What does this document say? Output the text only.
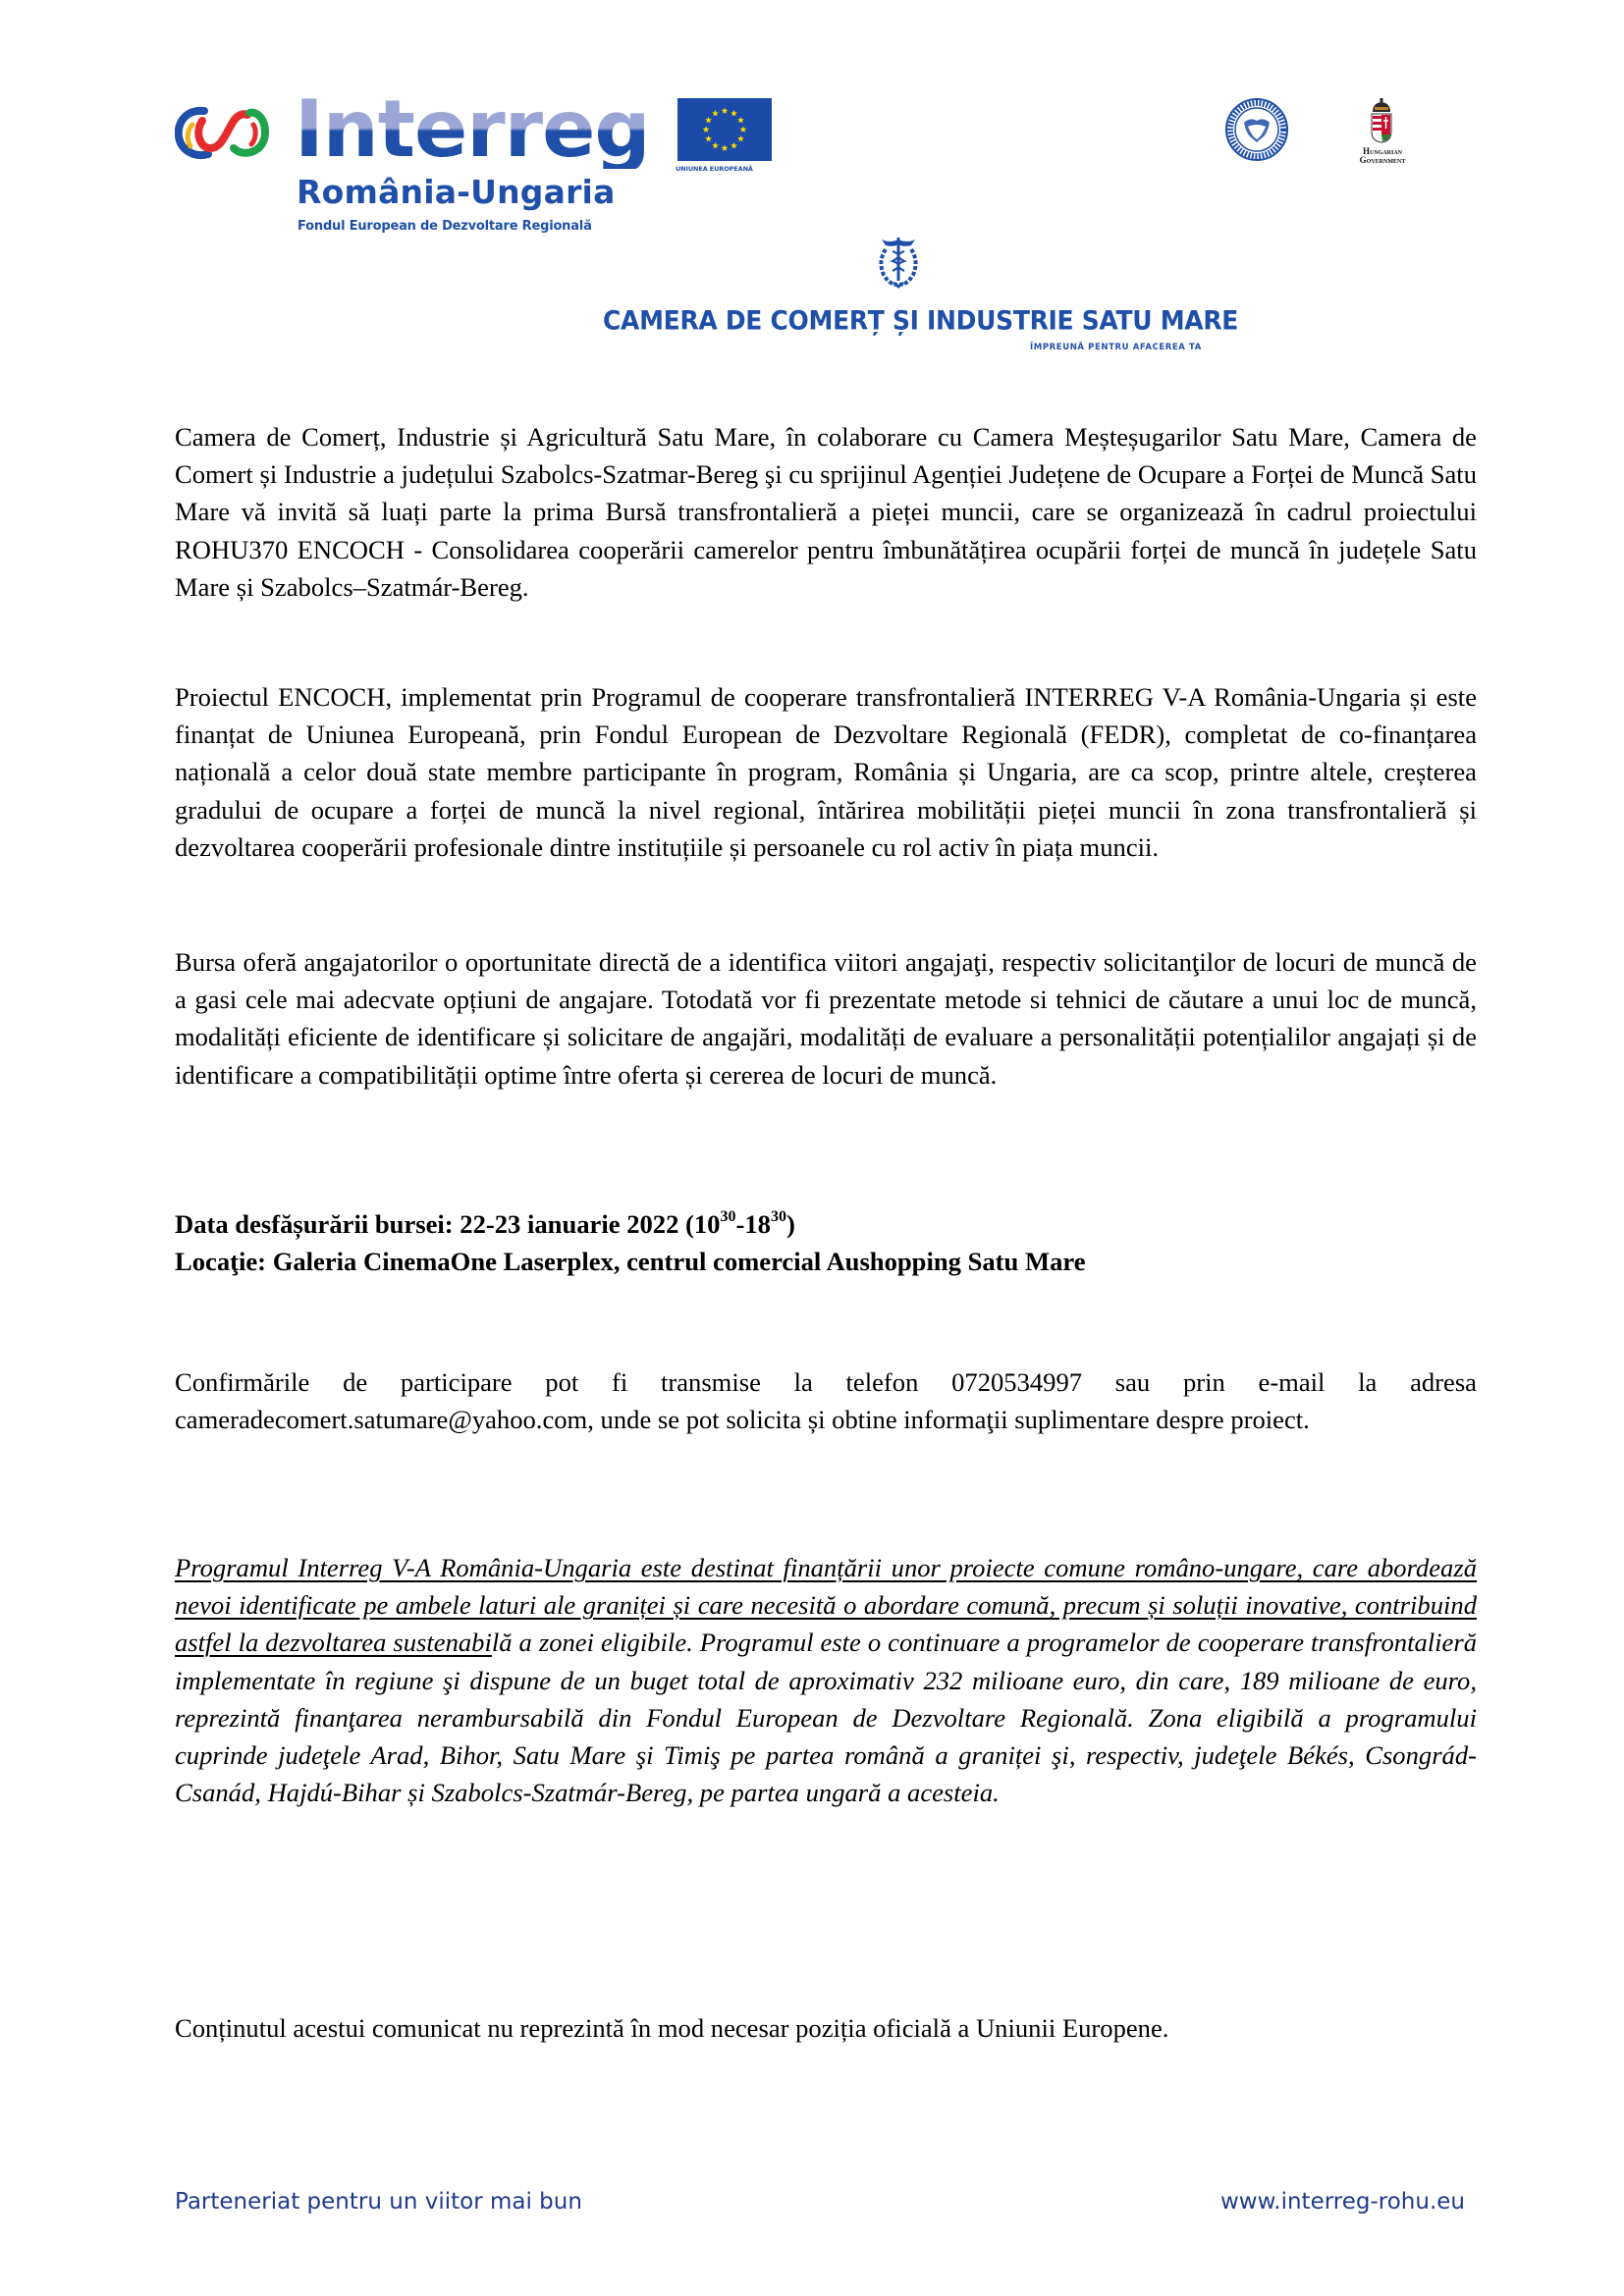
Interreg
România-Ungaria
Fondul European de Dezvoltare Regională
UNIUNEA EUROPEANĂ
Hungarian
Government
CAMERA DE COMERȚ ȘI INDUSTRIE SATU MARE
ÎMPREUNĂ PENTRU AFACEREA TA

Camera de Comerț, Industrie și Agricultură Satu Mare, în colaborare cu Camera Meșteșugarilor Satu Mare, Camera de Comert și Industrie a județului Szabolcs-Szatmar-Bereg şi cu sprijinul Agenției Județene de Ocupare a Forței de Muncă Satu Mare vă invită să luați parte la prima Bursă transfrontalieră a pieței muncii, care se organizează în cadrul proiectului ROHU370 ENCOCH - Consolidarea cooperării camerelor pentru îmbunătățirea ocupării forței de muncă în județele Satu Mare și Szabolcs–Szatmár-Bereg.

Proiectul ENCOCH, implementat prin Programul de cooperare transfrontalieră INTERREG V-A România-Ungaria și este finanțat de Uniunea Europeană, prin Fondul European de Dezvoltare Regională (FEDR), completat de co-finanțarea națională a celor două state membre participante în program, România și Ungaria, are ca scop, printre altele, creșterea gradului de ocupare a forței de muncă la nivel regional, întărirea mobilității pieței muncii în zona transfrontalieră și dezvoltarea cooperării profesionale dintre instituțiile și persoanele cu rol activ în piața muncii.

Bursa oferă angajatorilor o oportunitate directă de a identifica viitori angajaţi, respectiv solicitanţilor de locuri de muncă de a gasi cele mai adecvate opțiuni de angajare. Totodată vor fi prezentate metode si tehnici de căutare a unui loc de muncă, modalități eficiente de identificare și solicitare de angajări, modalități de evaluare a personalității potențialilor angajați și de identificare a compatibilității optime între oferta și cererea de locuri de muncă.

Data desfășurării bursei: 22-23 ianuarie 2022 $(10^{30}-18^{30})$
Locaţie: Galeria CinemaOne Laserplex, centrul comercial Aushopping Satu Mare

Confirmările de participare pot fi transmise la telefon 0720534997 sau prin e-mail la adresa cameradecomert.satumare@yahoo.com, unde se pot solicita și obtine informaţii suplimentare despre proiect.

Programul Interreg V-A România-Ungaria este destinat finanțării unor proiecte comune româno-ungare, care abordează nevoi identificate pe ambele laturi ale graniței și care necesită o abordare comună, precum și soluții inovative, contribuind astfel la dezvoltarea sustenabilă a zonei eligibile. Programul este o continuare a programelor de cooperare transfrontalieră implementate în regiune şi dispune de un buget total de aproximativ 232 milioane euro, din care, 189 milioane de euro, reprezintă finanţarea nerambursabilă din Fondul European de Dezvoltare Regională. Zona eligibilă a programului cuprinde judeţele Arad, Bihor, Satu Mare şi Timiş pe partea română a graniței şi, respectiv, judeţele Békés, Csongrád-Csanád, Hajdú-Bihar și Szabolcs-Szatmár-Bereg, pe partea ungară a acesteia.

Conținutul acestui comunicat nu reprezintă în mod necesar poziția oficială a Uniunii Europene.

Parteneriat pentru un viitor mai bun	www.interreg-rohu.eu
